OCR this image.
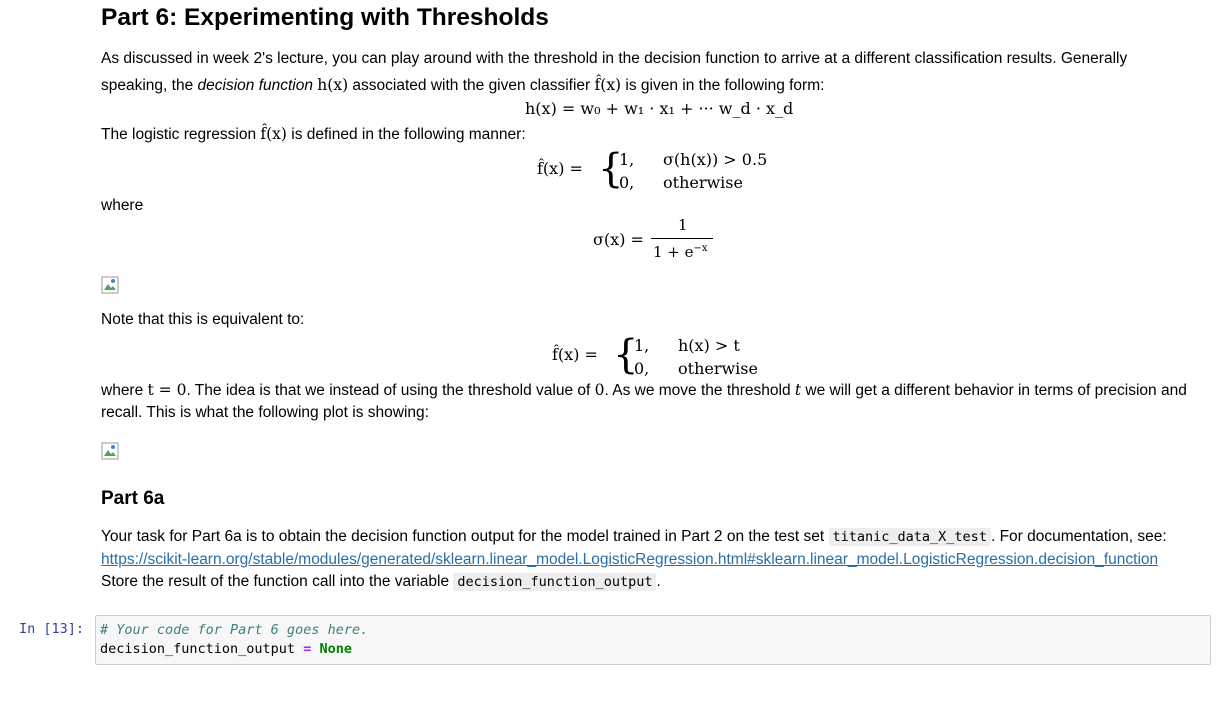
Part 6: Experimenting with Thresholds
As discussed in week 2's lecture, you can play around with the threshold in the decision function to arrive at a different classification results. Generally
speaking, the decision function h(x) associated with the given classifier f̂(x) is given in the following form:
h(x) = w₀ + w₁ · x₁ + ··· w_d · x_d
The logistic regression f̂(x) is defined in the following manner:
f̂(x) = {
1,
0,
σ(h(x)) > 0.5
otherwise
where
σ(x) =
1
$1 + e^{-x}$
Note that this is equivalent to:
f̂(x) = {
1,
0,
h(x) > t
otherwise
where t = 0. The idea is that we instead of using the threshold value of 0. As we move the threshold t we will get a different behavior in terms of precision and
recall. This is what the following plot is showing:
Part 6a
Your task for Part 6a is to obtain the decision function output for the model trained in Part 2 on the test set titanic_data_X_test . For documentation, see:
https://scikit-learn.org/stable/modules/generated/sklearn.linear_model.LogisticRegression.html#sklearn.linear_model.LogisticRegression.decision_function
Store the result of the function call into the variable decision_function_output .
In [13]: # Your code for Part 6 goes here.
decision_function_output = None
